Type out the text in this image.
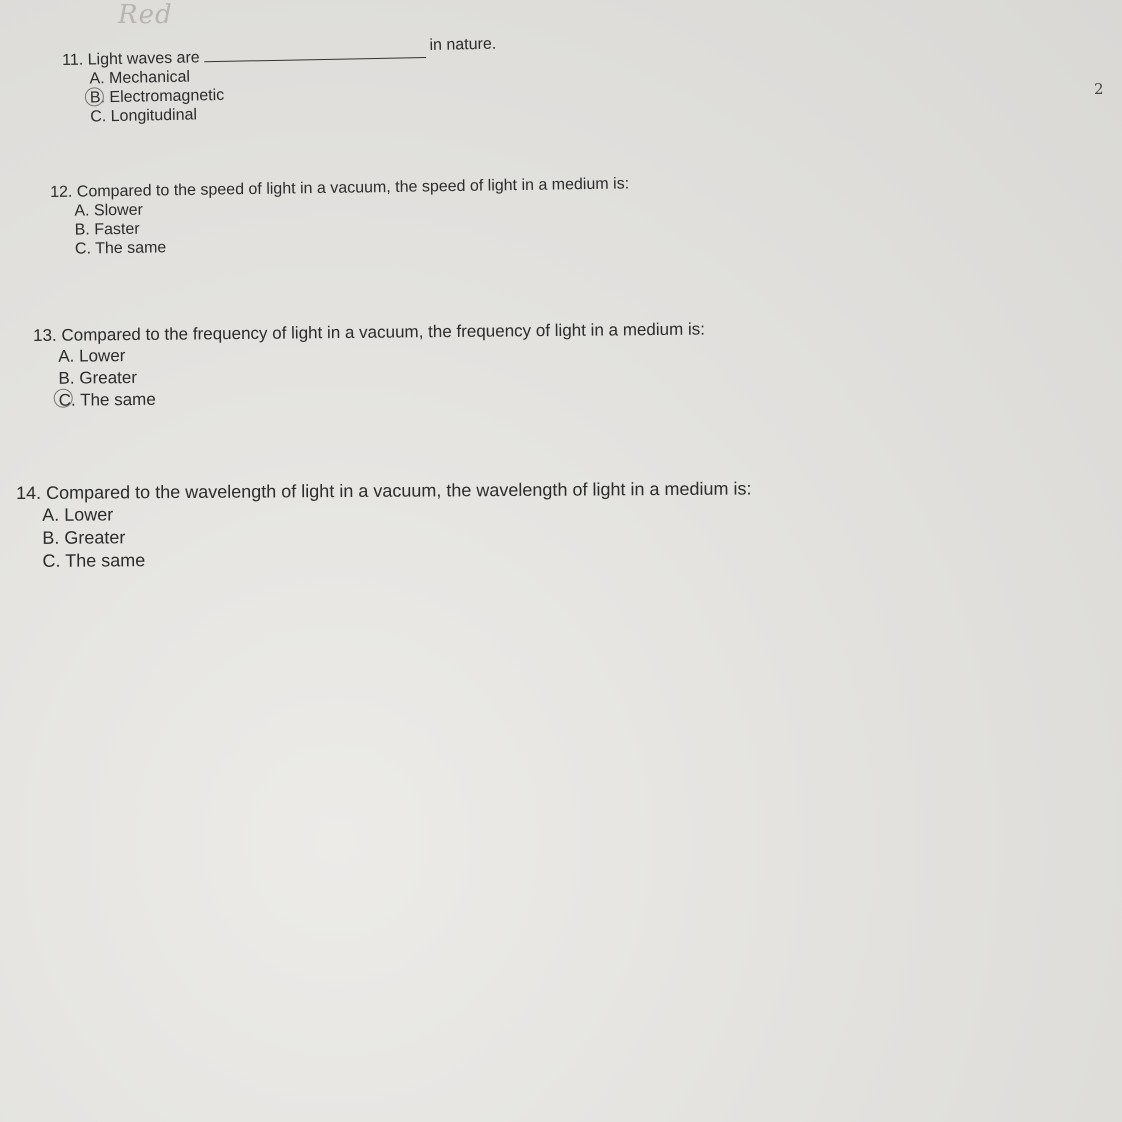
Red
2
11. Light waves arein nature.
A. Mechanical
B. Electromagnetic
C. Longitudinal
12. Compared to the speed of light in a vacuum, the speed of light in a medium is:
A. Slower
B. Faster
C. The same
13. Compared to the frequency of light in a vacuum, the frequency of light in a medium is:
A. Lower
B. Greater
C. The same
14. Compared to the wavelength of light in a vacuum, the wavelength of light in a medium is:
A. Lower
B. Greater
C. The same
